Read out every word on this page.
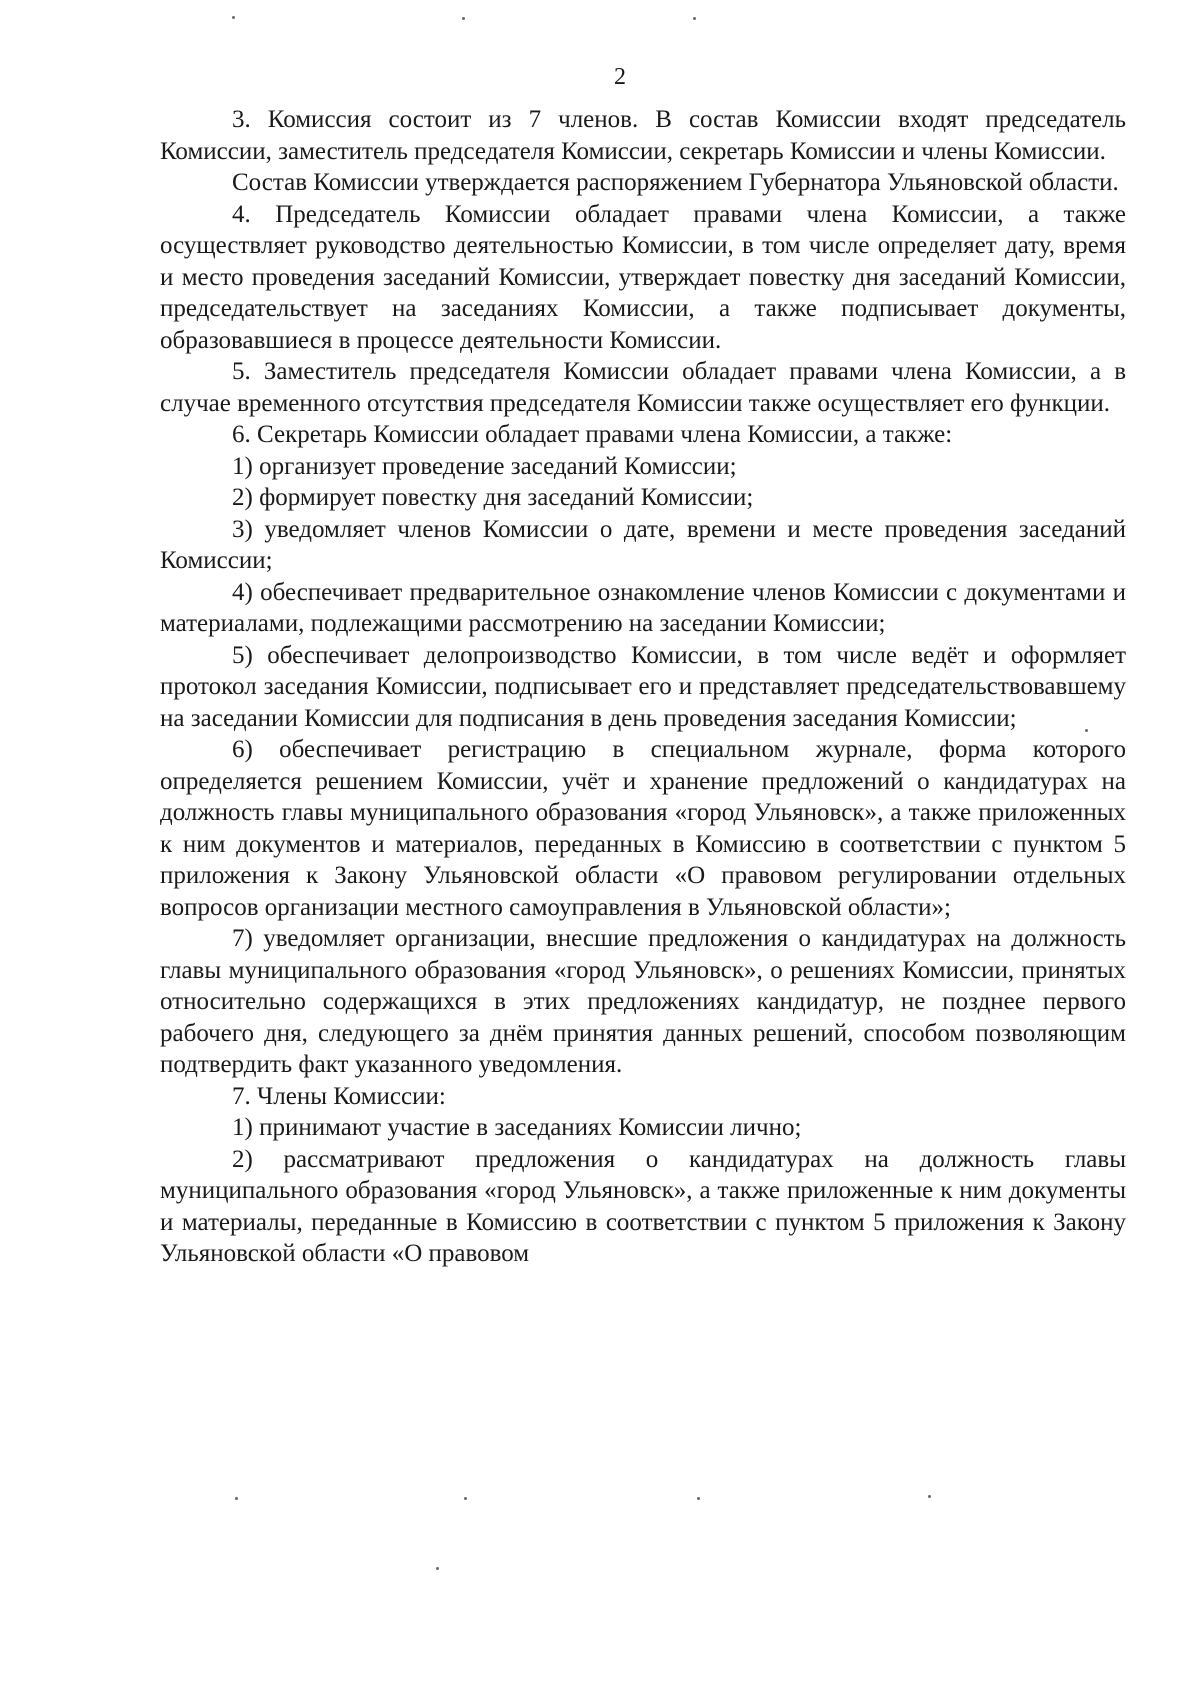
2

3. Комиссия состоит из 7 членов. В состав Комиссии входят председатель Комиссии, заместитель председателя Комиссии, секретарь Комиссии и члены Комиссии.

Состав Комиссии утверждается распоряжением Губернатора Ульяновской области.

4. Председатель Комиссии обладает правами члена Комиссии, а также осуществляет руководство деятельностью Комиссии, в том числе определяет дату, время и место проведения заседаний Комиссии, утверждает повестку дня заседаний Комиссии, председательствует на заседаниях Комиссии, а также подписывает документы, образовавшиеся в процессе деятельности Комиссии.

5. Заместитель председателя Комиссии обладает правами члена Комиссии, а в случае временного отсутствия председателя Комиссии также осуществляет его функции.

6. Секретарь Комиссии обладает правами члена Комиссии, а также:

1) организует проведение заседаний Комиссии;

2) формирует повестку дня заседаний Комиссии;

3) уведомляет членов Комиссии о дате, времени и месте проведения заседаний Комиссии;

4) обеспечивает предварительное ознакомление членов Комиссии с документами и материалами, подлежащими рассмотрению на заседании Комиссии;

5) обеспечивает делопроизводство Комиссии, в том числе ведёт и оформляет протокол заседания Комиссии, подписывает его и представляет председательствовавшему на заседании Комиссии для подписания в день проведения заседания Комиссии;

6) обеспечивает регистрацию в специальном журнале, форма которого определяется решением Комиссии, учёт и хранение предложений о кандидатурах на должность главы муниципального образования «город Ульяновск», а также приложенных к ним документов и материалов, переданных в Комиссию в соответствии с пунктом 5 приложения к Закону Ульяновской области «О правовом регулировании отдельных вопросов организации местного самоуправления в Ульяновской области»;

7) уведомляет организации, внесшие предложения о кандидатурах на должность главы муниципального образования «город Ульяновск», о решениях Комиссии, принятых относительно содержащихся в этих предложениях кандидатур, не позднее первого рабочего дня, следующего за днём принятия данных решений, способом позволяющим подтвердить факт указанного уведомления.

7. Члены Комиссии:

1) принимают участие в заседаниях Комиссии лично;

2) рассматривают предложения о кандидатурах на должность главы муниципального образования «город Ульяновск», а также приложенные к ним документы и материалы, переданные в Комиссию в соответствии с пунктом 5 приложения к Закону Ульяновской области «О правовом
